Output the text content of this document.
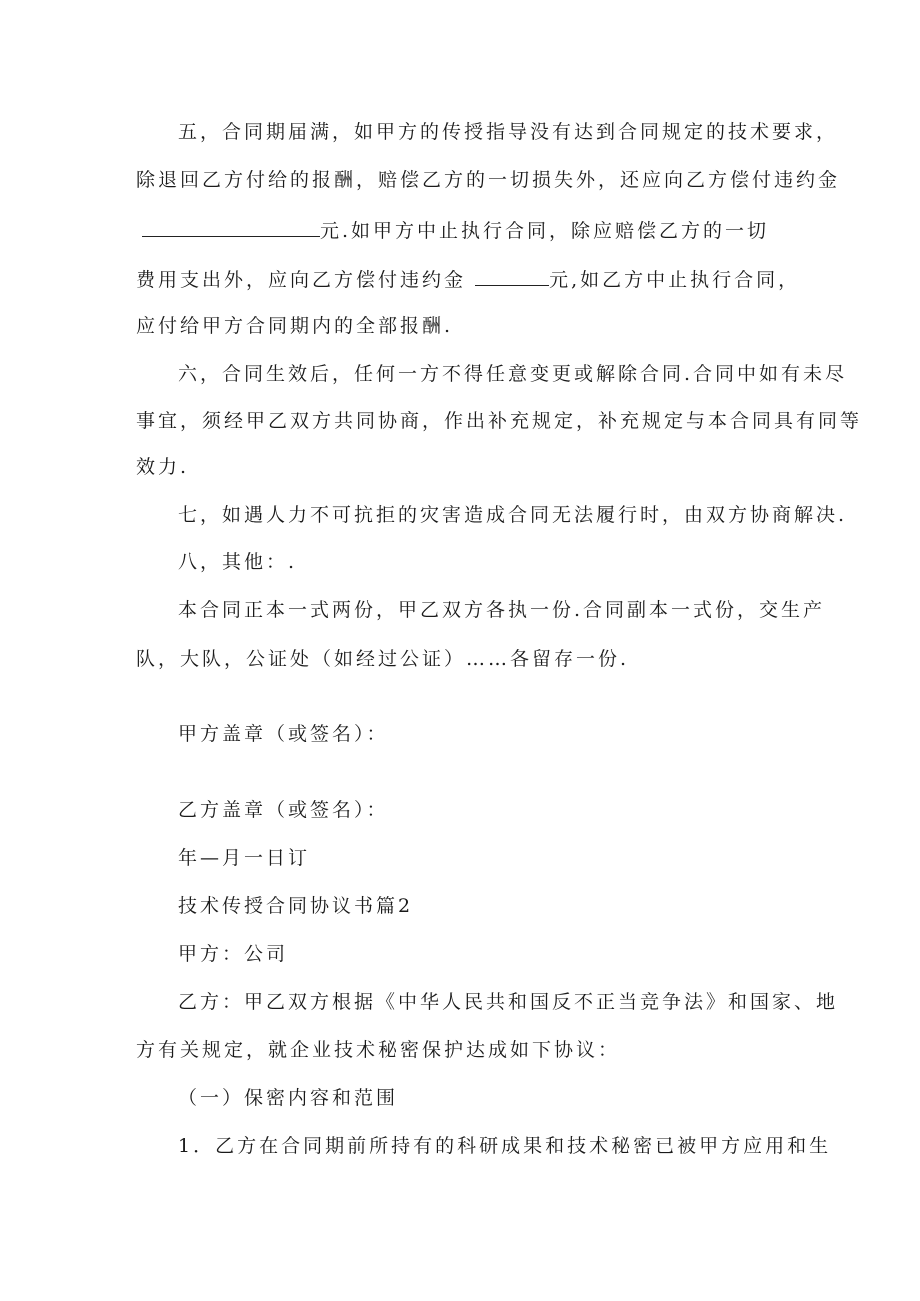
五，合同期届满，如甲方的传授指导没有达到合同规定的技术要求，
除退回乙方付给的报酬，赔偿乙方的一切损失外，还应向乙方偿付违约金
元.如甲方中止执行合同，除应赔偿乙方的一切
费用支出外，应向乙方偿付违约金	元,如乙方中止执行合同，
应付给甲方合同期内的全部报酬.
六，合同生效后，任何一方不得任意变更或解除合同.合同中如有未尽
事宜，须经甲乙双方共同协商，作出补充规定，补充规定与本合同具有同等
效力.
七，如遇人力不可抗拒的灾害造成合同无法履行时，由双方协商解决.
八，其他：.
本合同正本一式两份，甲乙双方各执一份.合同副本一式份，交生产
队，大队，公证处（如经过公证）……各留存一份.
甲方盖章（或签名）：
乙方盖章（或签名）：
年—月一日订
技术传授合同协议书篇2
甲方：公司
乙方：甲乙双方根据《中华人民共和国反不正当竞争法》和国家、地
方有关规定，就企业技术秘密保护达成如下协议：
（一）保密内容和范围
1．乙方在合同期前所持有的科研成果和技术秘密已被甲方应用和生
